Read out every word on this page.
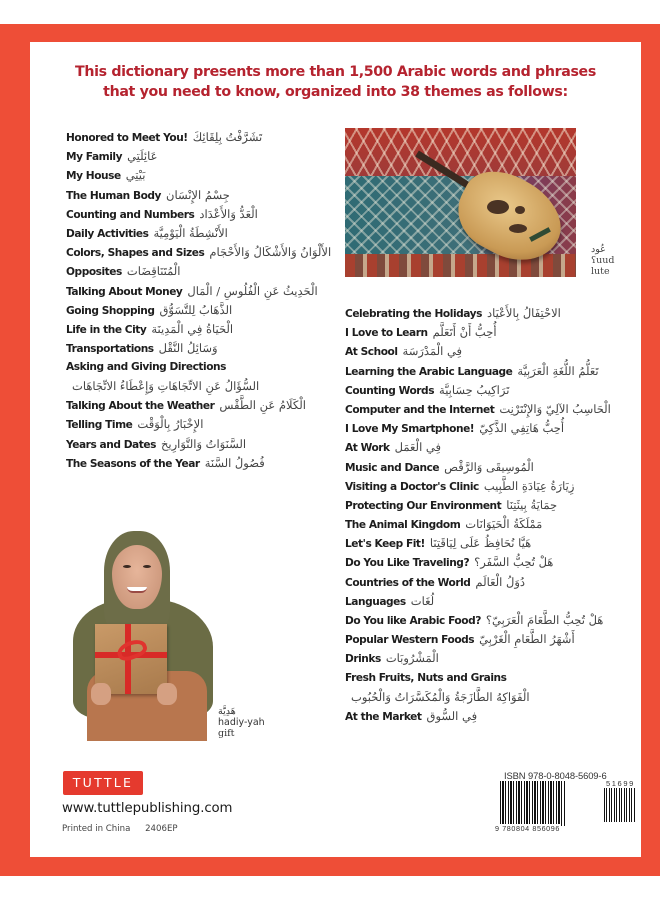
This dictionary presents more than 1,500 Arabic words and phrases
that you need to know, organized into 38 themes as follows:
Honored to Meet You! تَشَرَّفْتُ بِلِقَائِكَ
My Family عَائِلَتِي
My House بَيْتِي
The Human Body جِسْمُ الإِنْسَان
Counting and Numbers الْعَدُّ وَالأَعْدَاد
Daily Activities الأَنْشِطَةُ الْيَوْمِيَّة
Colors, Shapes and Sizes الأَلْوَانُ وَالأَشْكَالُ وَالأَحْجَام
Opposites الْمُتَنَاقِضَات
Talking About Money الْحَدِيثُ عَنِ الْفُلُوسِ / الْمَال
Going Shopping الذَّهَابُ لِلتَّسَوُّق
Life in the City الْحَيَاةُ فِي الْمَدِينَة
Transportations وَسَائِلُ النَّقْل
Asking and Giving Directions
السُّؤَالُ عَنِ الاتِّجَاهَاتِ وَإِعْطَاءُ الاتِّجَاهَات
Talking About the Weather الْكَلَامُ عَنِ الطَّقْس
Telling Time الإِخْبَارُ بِالْوَقْت
Years and Dates السَّنَوَاتُ وَالتَّوَارِيخ
The Seasons of the Year فُصُولُ السَّنَة
عُود
ʕuud
lute
Celebrating the Holidays الاحْتِفَالُ بِالأَعْيَاد
I Love to Learn أُحِبُّ أَنْ أَتَعَلَّم
At School فِي الْمَدْرَسَة
Learning the Arabic Language تَعَلُّمُ اللُّغَةِ الْعَرَبِيَّة
Counting Words تَرَاكِيبُ حِسَابِيَّة
Computer and the Internet الْحَاسِبُ الآلِيّ وَالإِنْتَرْنِت
I Love My Smartphone! أُحِبُّ هَاتِفِي الذَّكِيّ
At Work فِي الْعَمَل
Music and Dance الْمُوسِيقَى وَالرَّقْص
Visiting a Doctor's Clinic زِيَارَةُ عِيَادَةِ الطَّبِيب
Protecting Our Environment حِمَايَةُ بِيئَتِنَا
The Animal Kingdom مَمْلَكَةُ الْحَيَوَانَات
Let's Keep Fit! هَيَّا نُحَافِظُ عَلَى لِيَاقَتِنَا
Do You Like Traveling? هَلْ تُحِبُّ السَّفَر؟
Countries of the World دُوَلُ الْعَالَم
Languages لُغَات
Do You like Arabic Food? هَلْ تُحِبُّ الطَّعَامَ الْعَرَبِيّ؟
Popular Western Foods أَشْهَرُ الطَّعَامِ الْغَرْبِيّ
Drinks الْمَشْرُوبَات
Fresh Fruits, Nuts and Grains
الْفَوَاكِهُ الطَّازَجَةُ وَالْمُكَسَّرَاتُ وَالْحُبُوب
At the Market فِي السُّوق
هَدِيَّة
hadiy-yah
gift
TUTTLE
www.tuttlepublishing.com
Printed in China 2406EP
ISBN 978-0-8048-5609-6
9 780804 856096
51699
